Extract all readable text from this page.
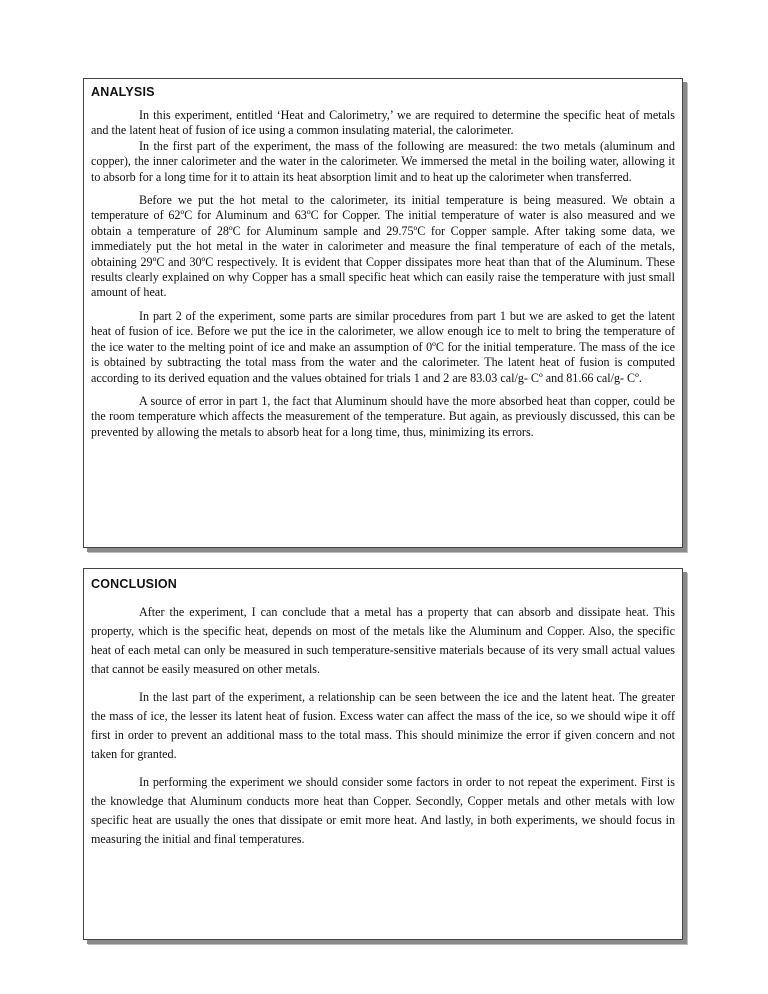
ANALYSIS

In this experiment, entitled ‘Heat and Calorimetry,’ we are required to determine the specific heat of metals and the latent heat of fusion of ice using a common insulating material, the calorimeter.

In the first part of the experiment, the mass of the following are measured: the two metals (aluminum and copper), the inner calorimeter and the water in the calorimeter. We immersed the metal in the boiling water, allowing it to absorb for a long time for it to attain its heat absorption limit and to heat up the calorimeter when transferred.

Before we put the hot metal to the calorimeter, its initial temperature is being measured. We obtain a temperature of 62ºC for Aluminum and 63ºC for Copper. The initial temperature of water is also measured and we obtain a temperature of 28ºC for Aluminum sample and 29.75ºC for Copper sample. After taking some data, we immediately put the hot metal in the water in calorimeter and measure the final temperature of each of the metals, obtaining 29ºC and 30ºC respectively. It is evident that Copper dissipates more heat than that of the Aluminum. These results clearly explained on why Copper has a small specific heat which can easily raise the temperature with just small amount of heat.

In part 2 of the experiment, some parts are similar procedures from part 1 but we are asked to get the latent heat of fusion of ice. Before we put the ice in the calorimeter, we allow enough ice to melt to bring the temperature of the ice water to the melting point of ice and make an assumption of 0ºC for the initial temperature. The mass of the ice is obtained by subtracting the total mass from the water and the calorimeter. The latent heat of fusion is computed according to its derived equation and the values obtained for trials 1 and 2 are 83.03 cal/g- Cº and 81.66 cal/g- Cº.

A source of error in part 1, the fact that Aluminum should have the more absorbed heat than copper, could be the room temperature which affects the measurement of the temperature. But again, as previously discussed, this can be prevented by allowing the metals to absorb heat for a long time, thus, minimizing its errors.

CONCLUSION

After the experiment, I can conclude that a metal has a property that can absorb and dissipate heat. This property, which is the specific heat, depends on most of the metals like the Aluminum and Copper. Also, the specific heat of each metal can only be measured in such temperature-sensitive materials because of its very small actual values that cannot be easily measured on other metals.

In the last part of the experiment, a relationship can be seen between the ice and the latent heat. The greater the mass of ice, the lesser its latent heat of fusion. Excess water can affect the mass of the ice, so we should wipe it off first in order to prevent an additional mass to the total mass. This should minimize the error if given concern and not taken for granted.

In performing the experiment we should consider some factors in order to not repeat the experiment. First is the knowledge that Aluminum conducts more heat than Copper. Secondly, Copper metals and other metals with low specific heat are usually the ones that dissipate or emit more heat. And lastly, in both experiments, we should focus in measuring the initial and final temperatures.
